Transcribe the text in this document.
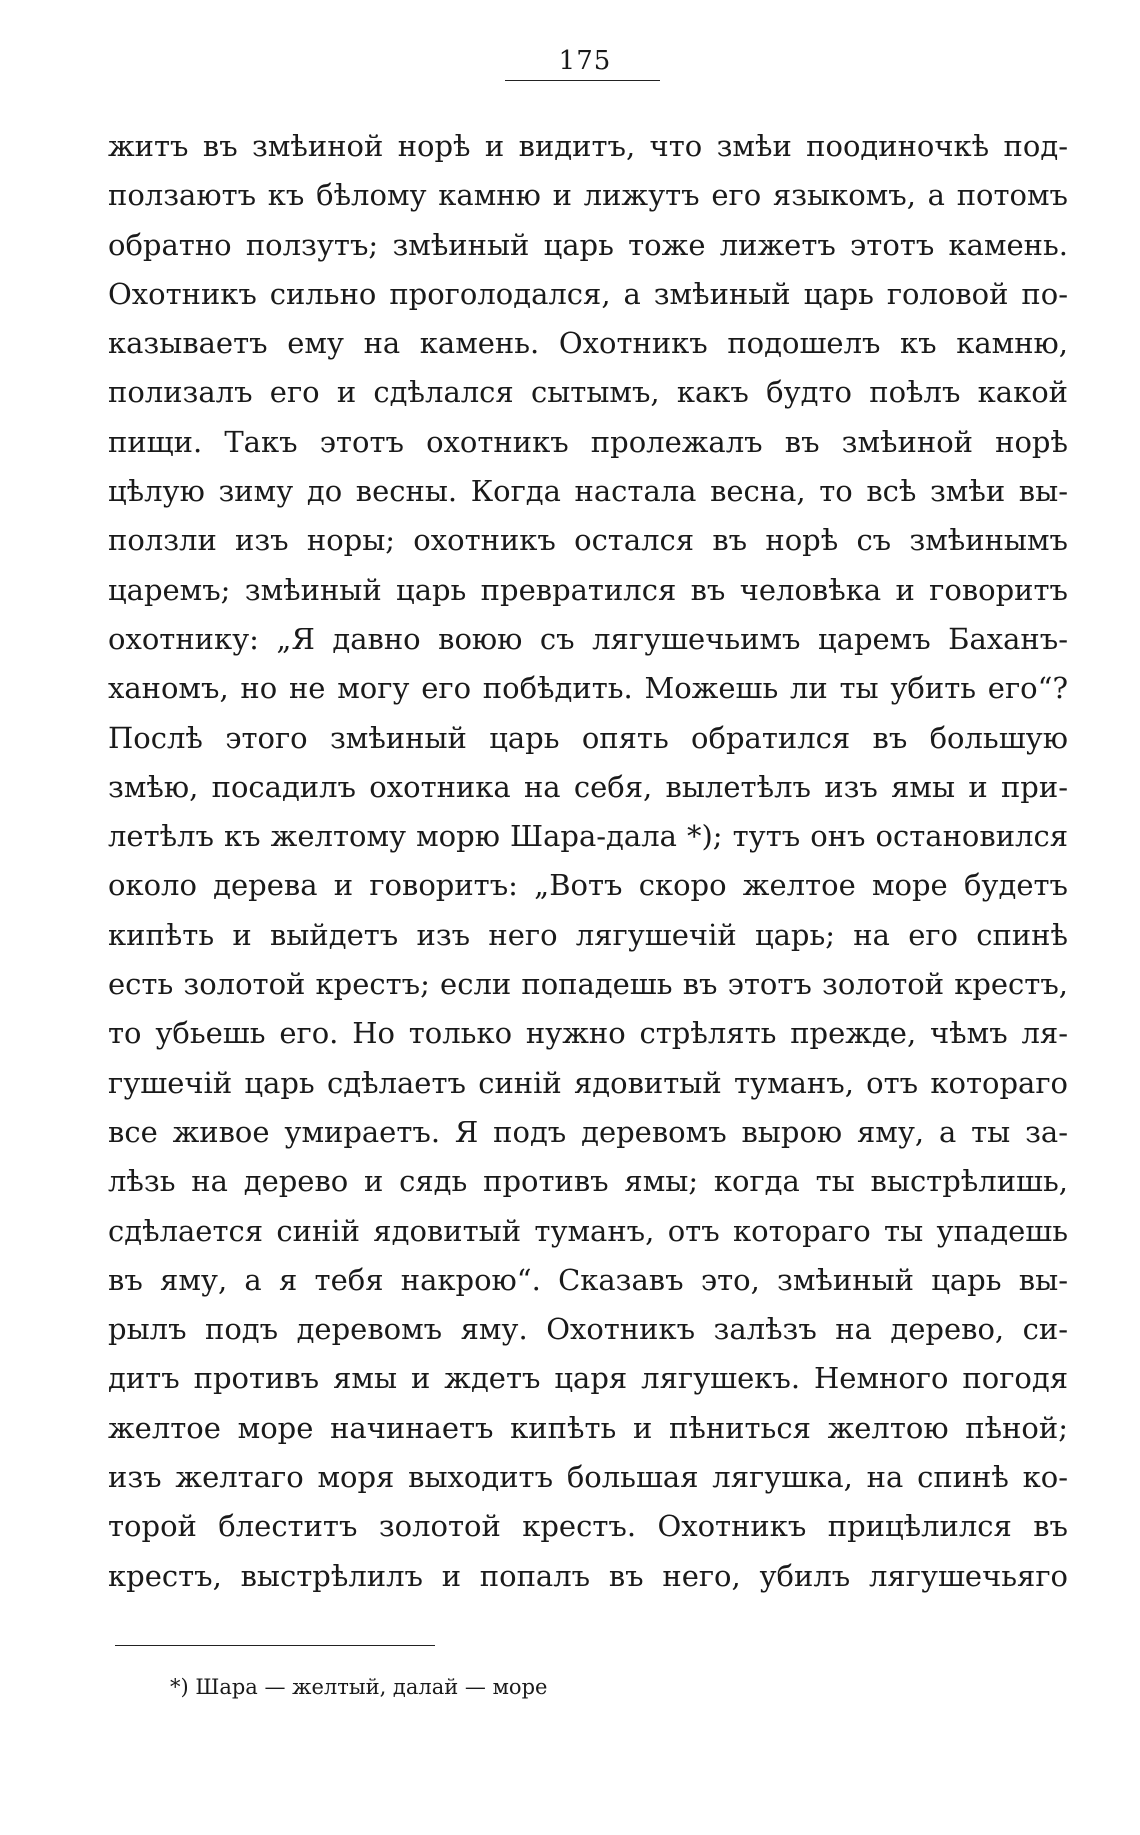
175
житъ въ змѣиной норѣ и видитъ, что змѣи поодиночкѣ под-
ползаютъ къ бѣлому камню и лижутъ его языкомъ, а потомъ
обратно ползутъ; змѣиный царь тоже лижетъ этотъ камень.
Охотникъ сильно проголодался, а змѣиный царь головой по-
казываетъ ему на камень. Охотникъ подошелъ къ камню,
полизалъ его и сдѣлался сытымъ, какъ будто поѣлъ какой
пищи. Такъ этотъ охотникъ пролежалъ въ змѣиной норѣ
цѣлую зиму до весны. Когда настала весна, то всѣ змѣи вы-
ползли изъ норы; охотникъ остался въ норѣ съ змѣинымъ
царемъ; змѣиный царь превратился въ человѣка и говоритъ
охотнику: „Я давно воюю съ лягушечьимъ царемъ Баханъ-
ханомъ, но не могу его побѣдить. Можешь ли ты убить его“?
Послѣ этого змѣиный царь опять обратился въ большую
змѣю, посадилъ охотника на себя, вылетѣлъ изъ ямы и при-
летѣлъ къ желтому морю Шара-дала *); тутъ онъ остановился
около дерева и говоритъ: „Вотъ скоро желтое море будетъ
кипѣть и выйдетъ изъ него лягушечій царь; на его спинѣ
есть золотой крестъ; если попадешь въ этотъ золотой крестъ,
то убьешь его. Но только нужно стрѣлять прежде, чѣмъ ля-
гушечій царь сдѣлаетъ синій ядовитый туманъ, отъ котораго
все живое умираетъ. Я подъ деревомъ вырою яму, а ты за-
лѣзь на дерево и сядь противъ ямы; когда ты выстрѣлишь,
сдѣлается синій ядовитый туманъ, отъ котораго ты упадешь
въ яму, а я тебя накрою“. Сказавъ это, змѣиный царь вы-
рылъ подъ деревомъ яму. Охотникъ залѣзъ на дерево, си-
дитъ противъ ямы и ждетъ царя лягушекъ. Немного погодя
желтое море начинаетъ кипѣть и пѣниться желтою пѣной;
изъ желтаго моря выходитъ большая лягушка, на спинѣ ко-
торой блеститъ золотой крестъ. Охотникъ прицѣлился въ
крестъ, выстрѣлилъ и попалъ въ него, убилъ лягушечьяго
*) Шара — желтый, далай — море
